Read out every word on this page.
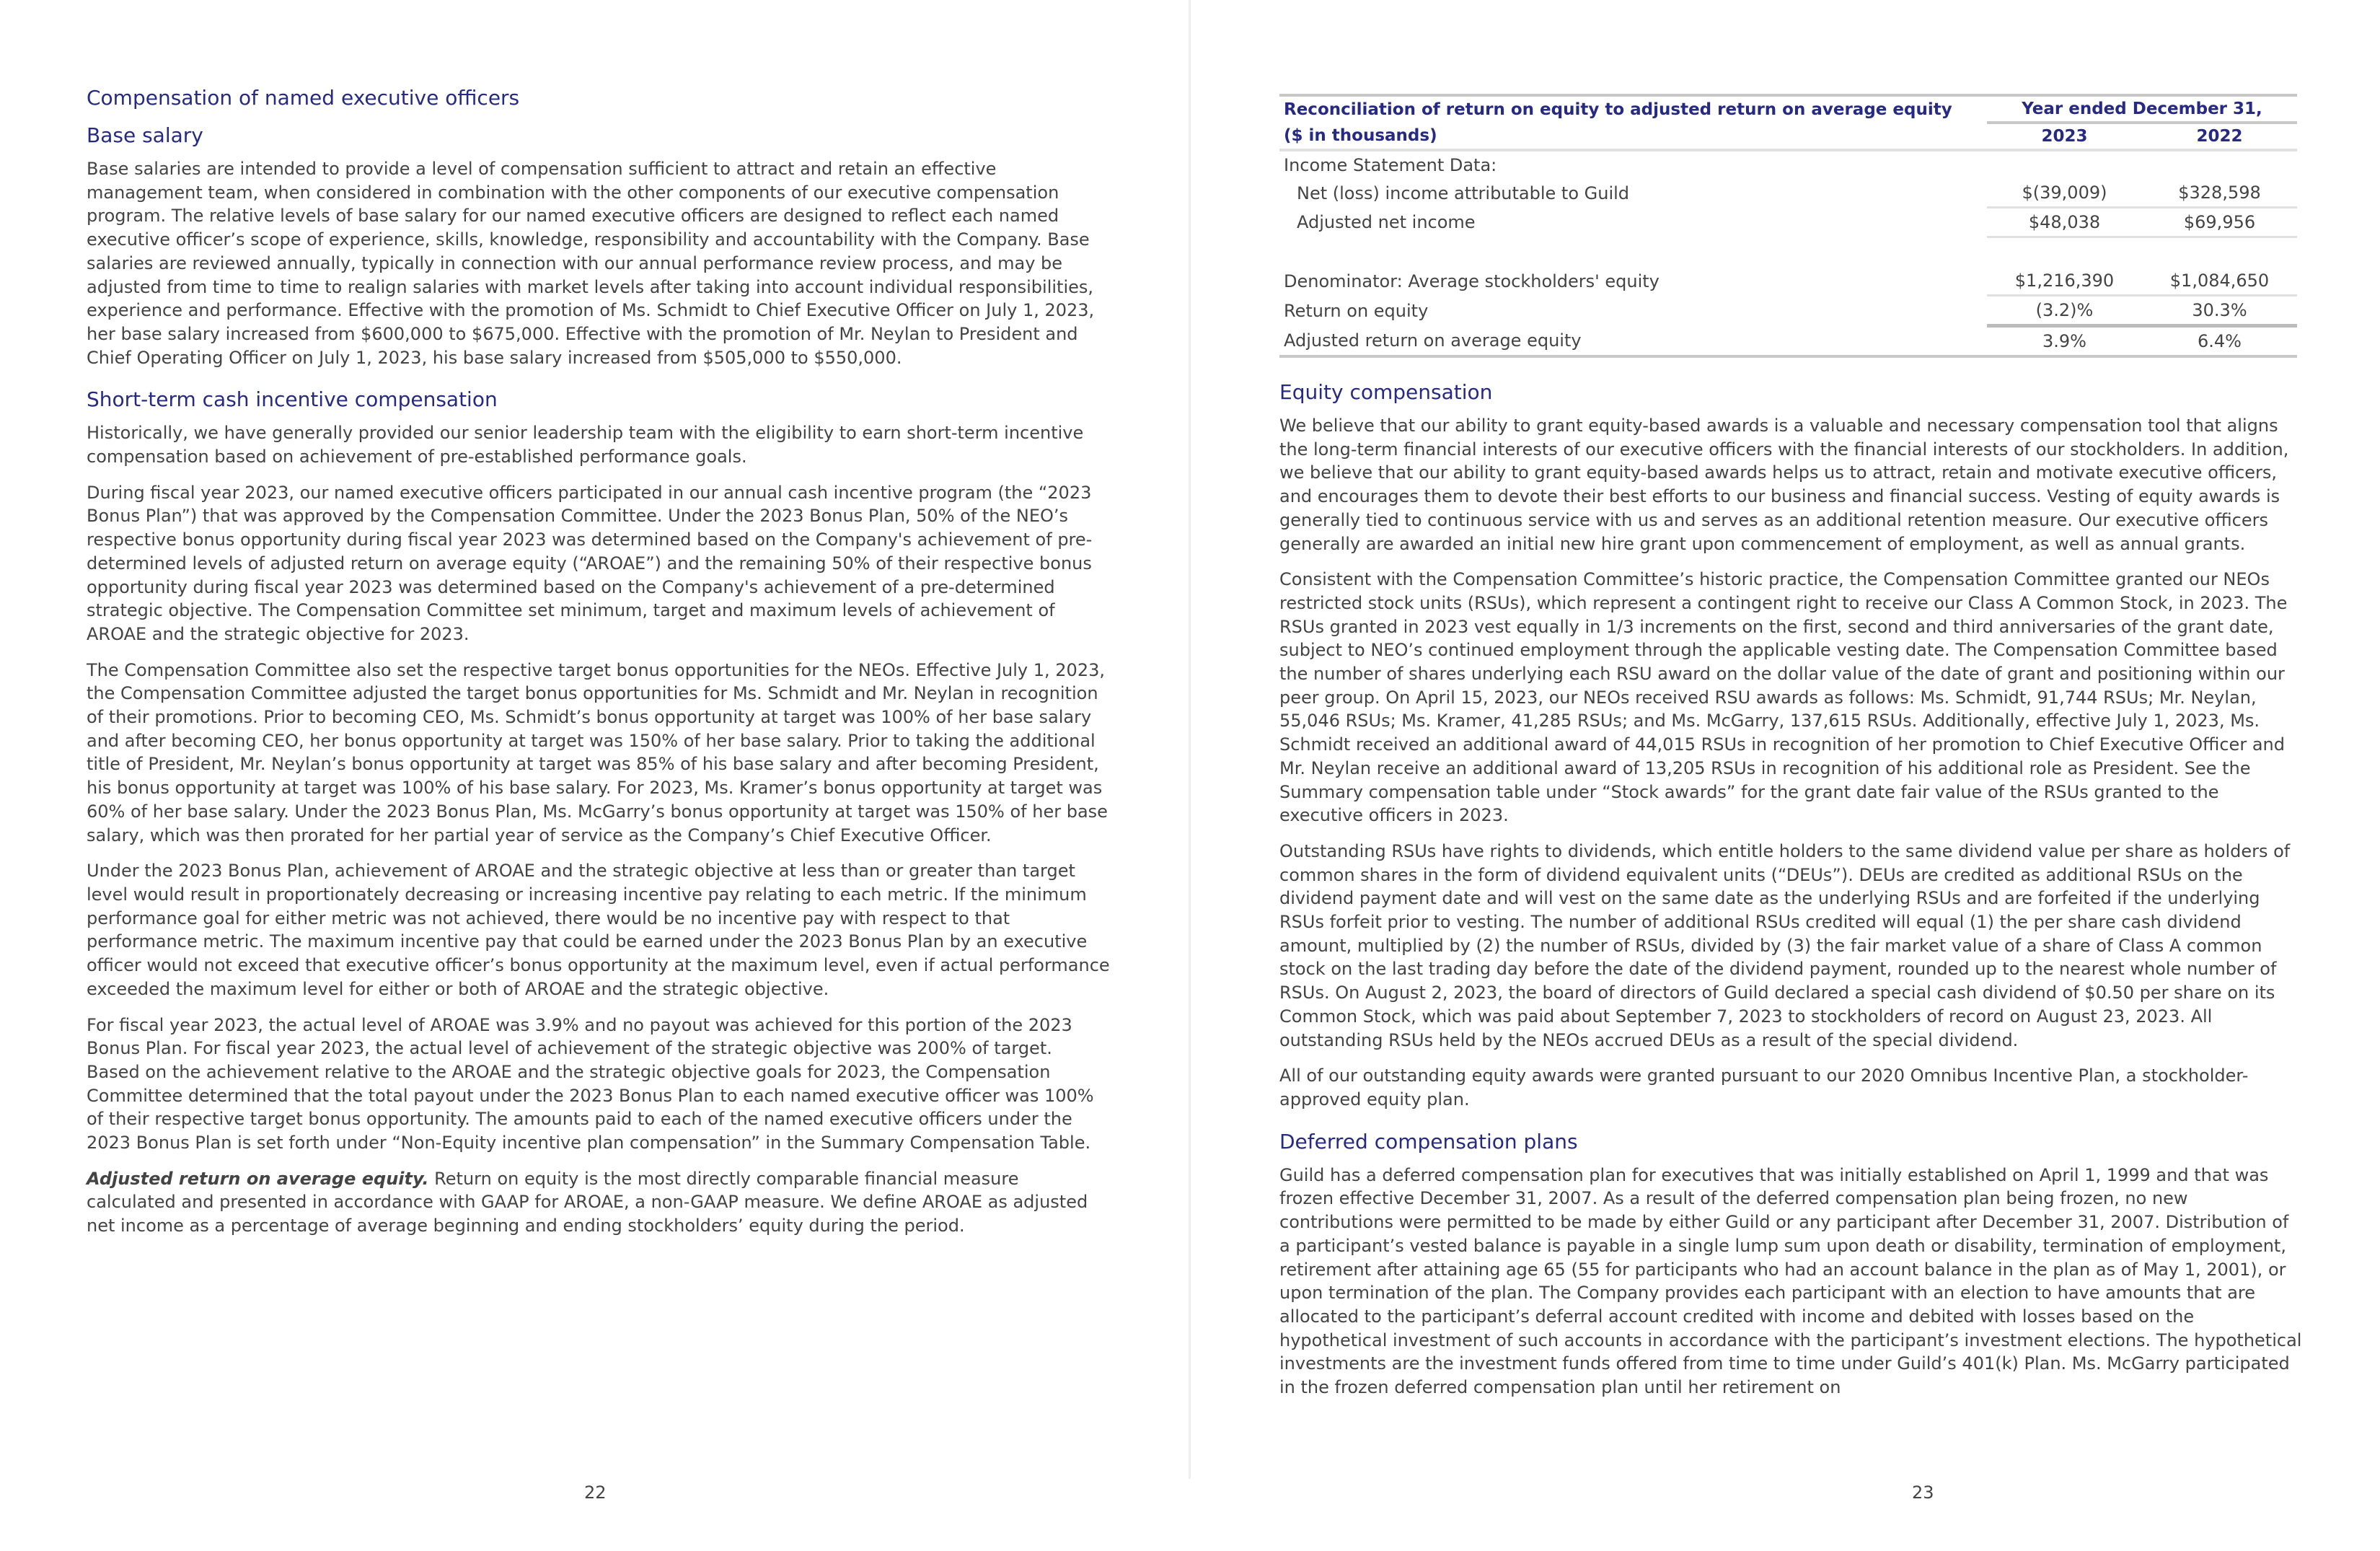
Compensation of named executive officers
Base salary

Base salaries are intended to provide a level of compensation sufficient to attract and retain an effective management team, when considered in combination with the other components of our executive compensation program. The relative levels of base salary for our named executive officers are designed to reflect each named executive officer’s scope of experience, skills, knowledge, responsibility and accountability with the Company. Base salaries are reviewed annually, typically in connection with our annual performance review process, and may be adjusted from time to time to realign salaries with market levels after taking into account individual responsibilities, experience and performance. Effective with the promotion of Ms. Schmidt to Chief Executive Officer on July 1, 2023, her base salary increased from $600,000 to $675,000. Effective with the promotion of Mr. Neylan to President and Chief Operating Officer on July 1, 2023, his base salary increased from $505,000 to $550,000.

Short-term cash incentive compensation

Historically, we have generally provided our senior leadership team with the eligibility to earn short-term incentive compensation based on achievement of pre-established performance goals.

During fiscal year 2023, our named executive officers participated in our annual cash incentive program (the “2023 Bonus Plan”) that was approved by the Compensation Committee. Under the 2023 Bonus Plan, 50% of the NEO’s respective bonus opportunity during fiscal year 2023 was determined based on the Company's achievement of pre-determined levels of adjusted return on average equity (“AROAE”) and the remaining 50% of their respective bonus opportunity during fiscal year 2023 was determined based on the Company's achievement of a pre-determined strategic objective. The Compensation Committee set minimum, target and maximum levels of achievement of AROAE and the strategic objective for 2023.

The Compensation Committee also set the respective target bonus opportunities for the NEOs. Effective July 1, 2023, the Compensation Committee adjusted the target bonus opportunities for Ms. Schmidt and Mr. Neylan in recognition of their promotions. Prior to becoming CEO, Ms. Schmidt’s bonus opportunity at target was 100% of her base salary and after becoming CEO, her bonus opportunity at target was 150% of her base salary. Prior to taking the additional title of President, Mr. Neylan’s bonus opportunity at target was 85% of his base salary and after becoming President, his bonus opportunity at target was 100% of his base salary. For 2023, Ms. Kramer’s bonus opportunity at target was 60% of her base salary. Under the 2023 Bonus Plan, Ms. McGarry’s bonus opportunity at target was 150% of her base salary, which was then prorated for her partial year of service as the Company’s Chief Executive Officer.

Under the 2023 Bonus Plan, achievement of AROAE and the strategic objective at less than or greater than target level would result in proportionately decreasing or increasing incentive pay relating to each metric. If the minimum performance goal for either metric was not achieved, there would be no incentive pay with respect to that performance metric. The maximum incentive pay that could be earned under the 2023 Bonus Plan by an executive officer would not exceed that executive officer’s bonus opportunity at the maximum level, even if actual performance exceeded the maximum level for either or both of AROAE and the strategic objective.

For fiscal year 2023, the actual level of AROAE was 3.9% and no payout was achieved for this portion of the 2023 Bonus Plan. For fiscal year 2023, the actual level of achievement of the strategic objective was 200% of target. Based on the achievement relative to the AROAE and the strategic objective goals for 2023, the Compensation Committee determined that the total payout under the 2023 Bonus Plan to each named executive officer was 100% of their respective target bonus opportunity. The amounts paid to each of the named executive officers under the 2023 Bonus Plan is set forth under “Non-Equity incentive plan compensation” in the Summary Compensation Table.

Adjusted return on average equity. Return on equity is the most directly comparable financial measure calculated and presented in accordance with GAAP for AROAE, a non-GAAP measure. We define AROAE as adjusted net income as a percentage of average beginning and ending stockholders’ equity during the period.

22
Reconciliation of return on equity to adjusted return on average equity	Year ended December 31,	
($ in thousands)	2023	2022
Income Statement Data:		
Net (loss) income attributable to Guild	$(39,009)	$328,598
Adjusted net income	$48,038	$69,956

Denominator: Average stockholders' equity	$1,216,390	$1,084,650
Return on equity	(3.2)%	30.3%
Adjusted return on average equity	3.9%	6.4%
Equity compensation

We believe that our ability to grant equity-based awards is a valuable and necessary compensation tool that aligns the long-term financial interests of our executive officers with the financial interests of our stockholders. In addition, we believe that our ability to grant equity-based awards helps us to attract, retain and motivate executive officers, and encourages them to devote their best efforts to our business and financial success. Vesting of equity awards is generally tied to continuous service with us and serves as an additional retention measure. Our executive officers generally are awarded an initial new hire grant upon commencement of employment, as well as annual grants.

Consistent with the Compensation Committee’s historic practice, the Compensation Committee granted our NEOs restricted stock units (RSUs), which represent a contingent right to receive our Class A Common Stock, in 2023. The RSUs granted in 2023 vest equally in 1/3 increments on the first, second and third anniversaries of the grant date, subject to NEO’s continued employment through the applicable vesting date. The Compensation Committee based the number of shares underlying each RSU award on the dollar value of the date of grant and positioning within our peer group. On April 15, 2023, our NEOs received RSU awards as follows: Ms. Schmidt, 91,744 RSUs; Mr. Neylan, 55,046 RSUs; Ms. Kramer, 41,285 RSUs; and Ms. McGarry, 137,615 RSUs. Additionally, effective July 1, 2023, Ms. Schmidt received an additional award of 44,015 RSUs in recognition of her promotion to Chief Executive Officer and Mr. Neylan receive an additional award of 13,205 RSUs in recognition of his additional role as President. See the Summary compensation table under “Stock awards” for the grant date fair value of the RSUs granted to the executive officers in 2023.

Outstanding RSUs have rights to dividends, which entitle holders to the same dividend value per share as holders of common shares in the form of dividend equivalent units (“DEUs”). DEUs are credited as additional RSUs on the dividend payment date and will vest on the same date as the underlying RSUs and are forfeited if the underlying RSUs forfeit prior to vesting. The number of additional RSUs credited will equal (1) the per share cash dividend amount, multiplied by (2) the number of RSUs, divided by (3) the fair market value of a share of Class A common stock on the last trading day before the date of the dividend payment, rounded up to the nearest whole number of RSUs. On August 2, 2023, the board of directors of Guild declared a special cash dividend of $0.50 per share on its Common Stock, which was paid about September 7, 2023 to stockholders of record on August 23, 2023. All outstanding RSUs held by the NEOs accrued DEUs as a result of the special dividend.

All of our outstanding equity awards were granted pursuant to our 2020 Omnibus Incentive Plan, a stockholder-approved equity plan.

Deferred compensation plans

Guild has a deferred compensation plan for executives that was initially established on April 1, 1999 and that was frozen effective December 31, 2007. As a result of the deferred compensation plan being frozen, no new contributions were permitted to be made by either Guild or any participant after December 31, 2007. Distribution of a participant’s vested balance is payable in a single lump sum upon death or disability, termination of employment, retirement after attaining age 65 (55 for participants who had an account balance in the plan as of May 1, 2001), or upon termination of the plan. The Company provides each participant with an election to have amounts that are allocated to the participant’s deferral account credited with income and debited with losses based on the hypothetical investment of such accounts in accordance with the participant’s investment elections. The hypothetical investments are the investment funds offered from time to time under Guild’s 401(k) Plan. Ms. McGarry participated in the frozen deferred compensation plan until her retirement on

23
